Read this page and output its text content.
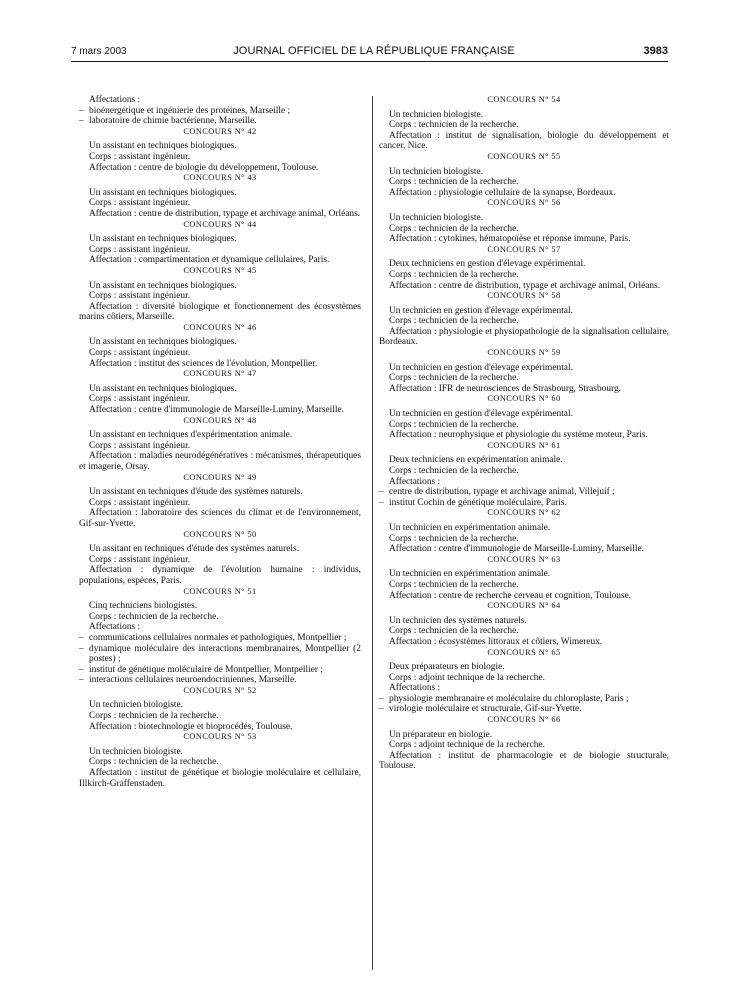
7 mars 2003	JOURNAL OFFICIEL DE LA RÉPUBLIQUE FRANÇAISE	3983
Affectations :
– bioénergétique et ingénierie des protéines, Marseille ;
– laboratoire de chimie bactérienne, Marseille.
CONCOURS N° 42
Un assistant en techniques biologiques.
Corps : assistant ingénieur.
Affectation : centre de biologie du développement, Toulouse.
CONCOURS N° 43
Un assistant en techniques biologiques.
Corps : assistant ingénieur.
Affectation : centre de distribution, typage et archivage animal, Orléans.
CONCOURS N° 44
Un assistant en techniques biologiques.
Corps : assistant ingénieur.
Affectation : compartimentation et dynamique cellulaires, Paris.
CONCOURS N° 45
Un assistant en techniques biologiques.
Corps : assistant ingénieur.
Affectation : diversité biologique et fonctionnement des écosystèmes marins côtiers, Marseille.
CONCOURS N° 46
Un assistant en techniques biologiques.
Corps : assistant ingénieur.
Affectation : institut des sciences de l'évolution, Montpellier.
CONCOURS N° 47
Un assistant en techniques biologiques.
Corps : assistant ingénieur.
Affectation : centre d'immunologie de Marseille-Luminy, Marseille.
CONCOURS N° 48
Un assistant en techniques d'expérimentation animale.
Corps : assistant ingénieur.
Affectation : maladies neurodégénératives : mécanismes, thérapeutiques et imagerie, Orsay.
CONCOURS N° 49
Un assistant en techniques d'étude des systèmes naturels.
Corps : assistant ingénieur.
Affectation : laboratoire des sciences du climat et de l'environnement, Gif-sur-Yvette.
CONCOURS N° 50
Un assitant en techniques d'étude des systèmes naturels.
Corps : assistant ingénieur.
Affectation : dynamique de l'évolution humaine : individus, populations, espèces, Paris.
CONCOURS N° 51
Cinq techniciens biologistes.
Corps : technicien de la recherche.
Affectations :
– communications cellulaires normales et pathologiques, Montpellier ;
– dynamique moléculaire des interactions membranaires, Montpellier (2 postes) ;
– institut de génétique moléculaire de Montpellier, Montpellier ;
– interactions cellulaires neuroendocriniennes, Marseille.
CONCOURS N° 52
Un technicien biologiste.
Corps : technicien de la recherche.
Affectation : biotechnologie et bioprocédés, Toulouse.
CONCOURS N° 53
Un technicien biologiste.
Corps : technicien de la recherche.
Affectation : institut de génétique et biologie moléculaire et cellulaire, Illkirch-Graffenstaden.
CONCOURS N° 54
Un technicien biologiste.
Corps : technicien de la recherche.
Affectation : institut de signalisation, biologie du développement et cancer, Nice.
CONCOURS N° 55
Un technicien biologiste.
Corps : technicien de la recherche.
Affectation : physiologie cellulaire de la synapse, Bordeaux.
CONCOURS N° 56
Un technicien biologiste.
Corps : technicien de la recherche.
Affectation : cytokines, hématopoïèse et réponse immune, Paris.
CONCOURS N° 57
Deux techniciens en gestion d'élevage expérimental.
Corps : technicien de la recherche.
Affectation : centre de distribution, typage et archivage animal, Orléans.
CONCOURS N° 58
Un technicien en gestion d'élevage expérimental.
Corps : technicien de la recherche.
Affectation : physiologie et physiopathologie de la signalisation cellulaire, Bordeaux.
CONCOURS N° 59
Un technicien en gestion d'élevage expérimental.
Corps : technicien de la recherche.
Affectation : IFR de neurosciences de Strasbourg, Strasbourg.
CONCOURS N° 60
Un technicien en gestion d'élevage expérimental.
Corps : technicien de la recherche.
Affectation : neurophysique et physiologie du système moteur, Paris.
CONCOURS N° 61
Deux techniciens en expérimentation animale.
Corps : technicien de la recherche.
Affectations :
– centre de distribution, typage et archivage animal, Villejuif ;
– institut Cochin de génétique moléculaire, Paris.
CONCOURS N° 62
Un technicien en expérimentation animale.
Corps : technicien de la recherche.
Affectation : centre d'immunologie de Marseille-Luminy, Marseille.
CONCOURS N° 63
Un technicien en expérimentation animale.
Corps : technicien de la recherche.
Affectation : centre de recherche cerveau et cognition, Toulouse.
CONCOURS N° 64
Un technicien des systèmes naturels.
Corps : technicien de la recherche.
Affectation : écosystèmes littoraux et côtiers, Wimereux.
CONCOURS N° 65
Deux préparateurs en biologie.
Corps : adjoint technique de la recherche.
Affectations :
– physiologie membranaire et moléculaire du chloroplaste, Paris ;
– virologie moléculaire et structurale, Gif-sur-Yvette.
CONCOURS N° 66
Un préparateur en biologie.
Corps : adjoint technique de la recherche.
Affectation : institut de pharmacologie et de biologie structurale, Toulouse.
